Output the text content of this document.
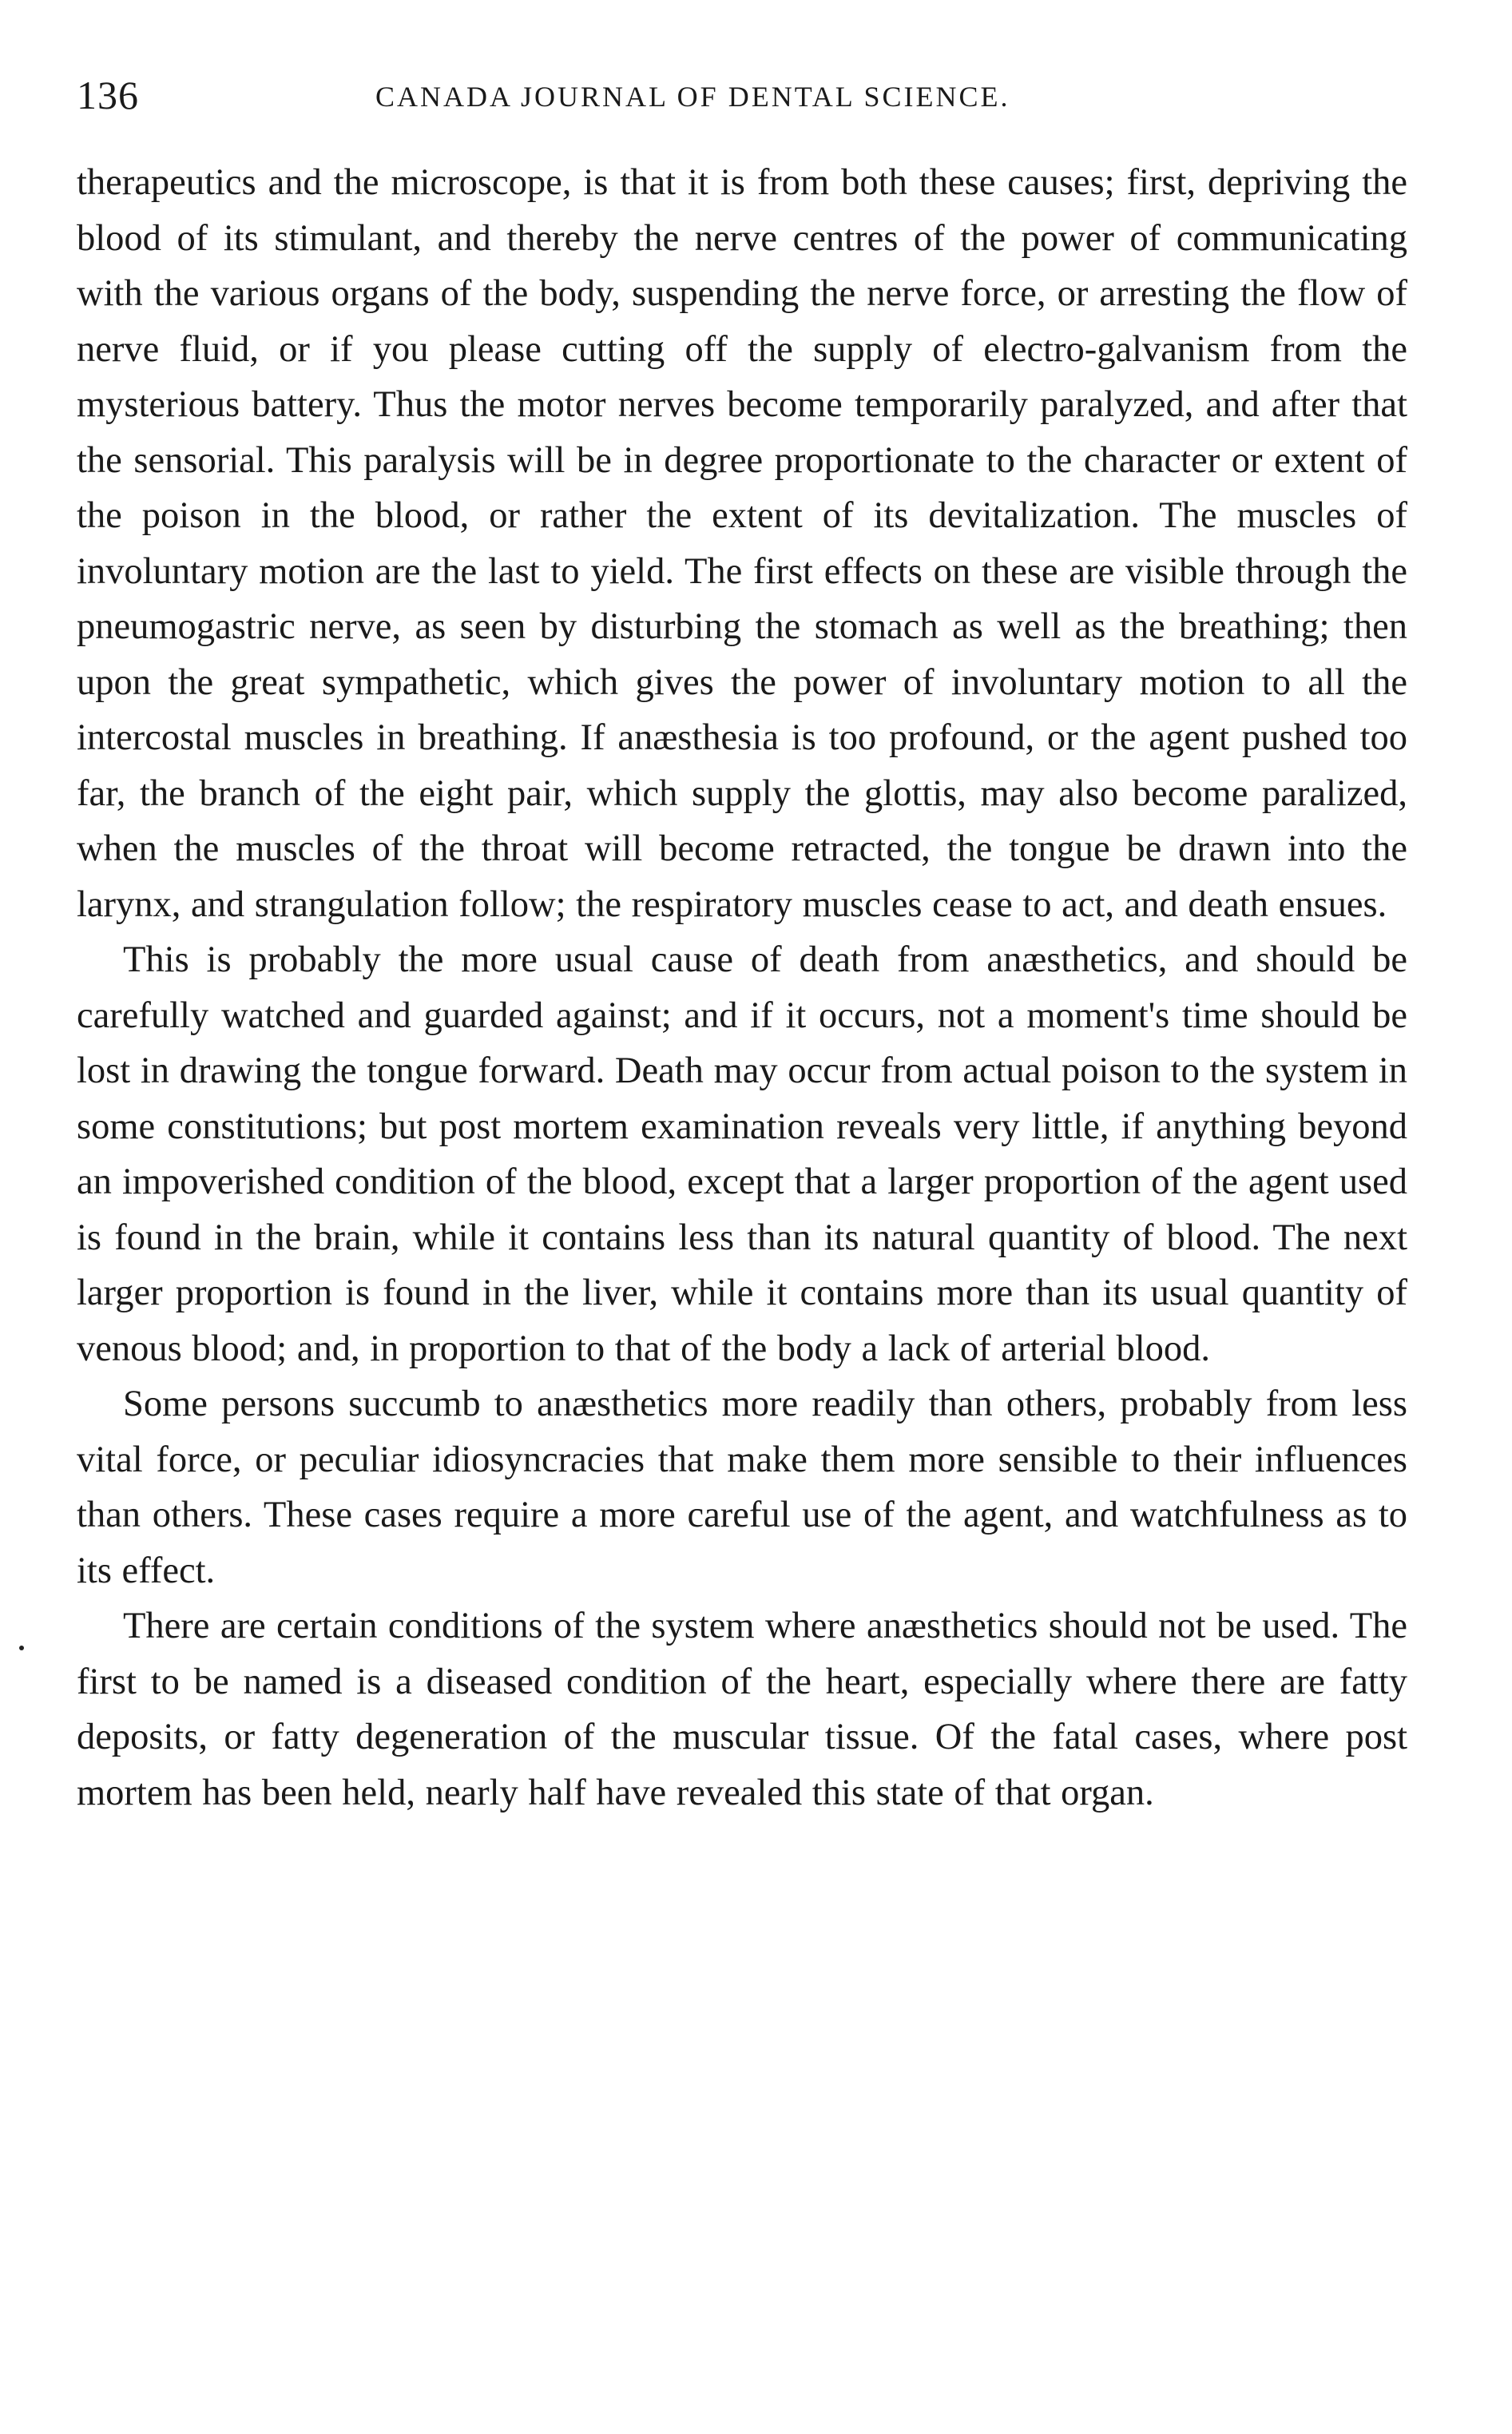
136	CANADA JOURNAL OF DENTAL SCIENCE.

therapeutics and the microscope, is that it is from both these causes; first, depriving the blood of its stimulant, and thereby the nerve centres of the power of communicating with the various organs of the body, suspending the nerve force, or arresting the flow of nerve fluid, or if you please cutting off the supply of electro-galvanism from the mysterious battery. Thus the motor nerves become temporarily paralyzed, and after that the sensorial. This paralysis will be in degree proportionate to the character or extent of the poison in the blood, or rather the extent of its devitalization. The muscles of involuntary motion are the last to yield. The first effects on these are visible through the pneumogastric nerve, as seen by disturbing the stomach as well as the breathing; then upon the great sympathetic, which gives the power of involuntary motion to all the intercostal muscles in breathing. If anæsthesia is too profound, or the agent pushed too far, the branch of the eight pair, which supply the glottis, may also become paralized, when the muscles of the throat will become retracted, the tongue be drawn into the larynx, and strangulation follow; the respiratory muscles cease to act, and death ensues.

This is probably the more usual cause of death from anæsthetics, and should be carefully watched and guarded against; and if it occurs, not a moment's time should be lost in drawing the tongue forward. Death may occur from actual poison to the system in some constitutions; but post mortem examination reveals very little, if anything beyond an impoverished condition of the blood, except that a larger proportion of the agent used is found in the brain, while it contains less than its natural quantity of blood. The next larger proportion is found in the liver, while it contains more than its usual quantity of venous blood; and, in proportion to that of the body a lack of arterial blood.

Some persons succumb to anæsthetics more readily than others, probably from less vital force, or peculiar idiosyncracies that make them more sensible to their influences than others. These cases require a more careful use of the agent, and watchfulness as to its effect.

There are certain conditions of the system where anæsthetics should not be used. The first to be named is a diseased condition of the heart, especially where there are fatty deposits, or fatty degeneration of the muscular tissue. Of the fatal cases, where post mortem has been held, nearly half have revealed this state of that organ.
